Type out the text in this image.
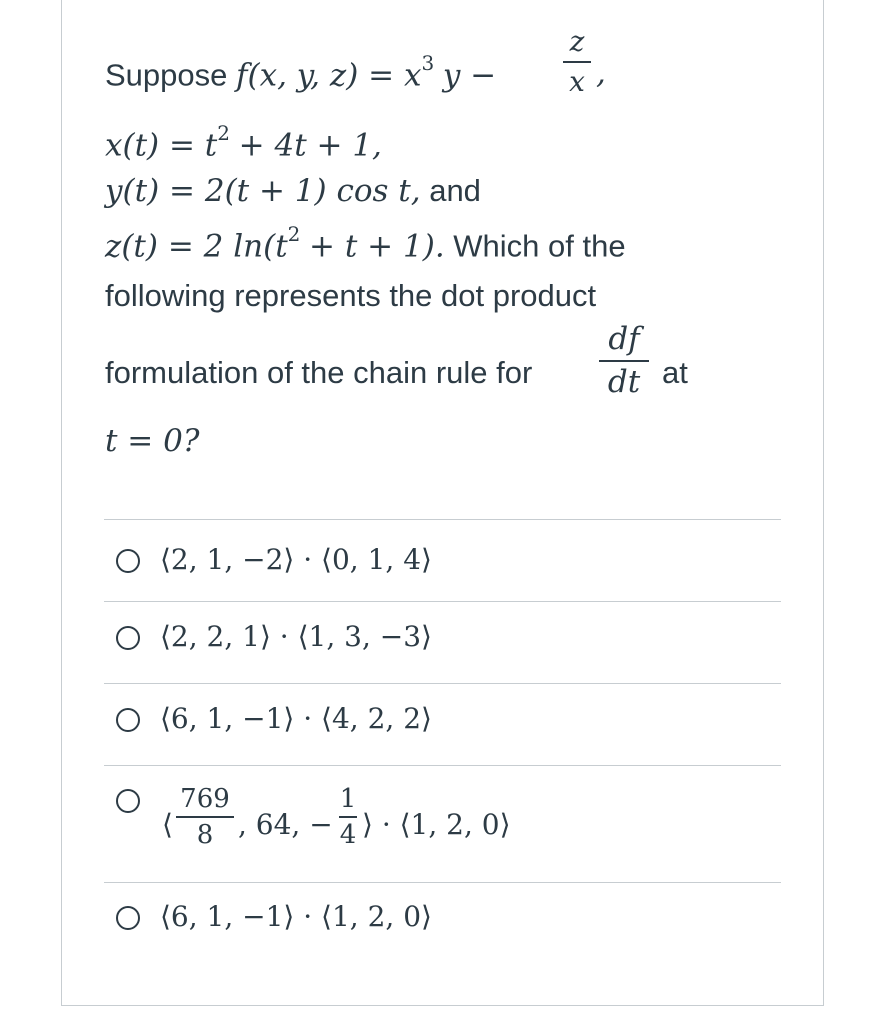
Suppose f(x, y, $z) = x^3$ y −
z
x ,
$x(t) = t^2 + 4t + 1$,
y(t) = 2(t + 1) cos t, and
z(t) = 2 $\ln(t^2 + t + 1)$. Which of the
following represents the dot product
formulation of the chain rule for
df
dt at
t = 0?
⟨2, 1, −2⟩ · ⟨0, 1, 4⟩
⟨2, 2, 1⟩ · ⟨1, 3, −3⟩
⟨6, 1, −1⟩ · ⟨4, 2, 2⟩
⟨
769
8 , 64, −
1
4 ⟩ · ⟨1, 2, 0⟩
⟨6, 1, −1⟩ · ⟨1, 2, 0⟩
